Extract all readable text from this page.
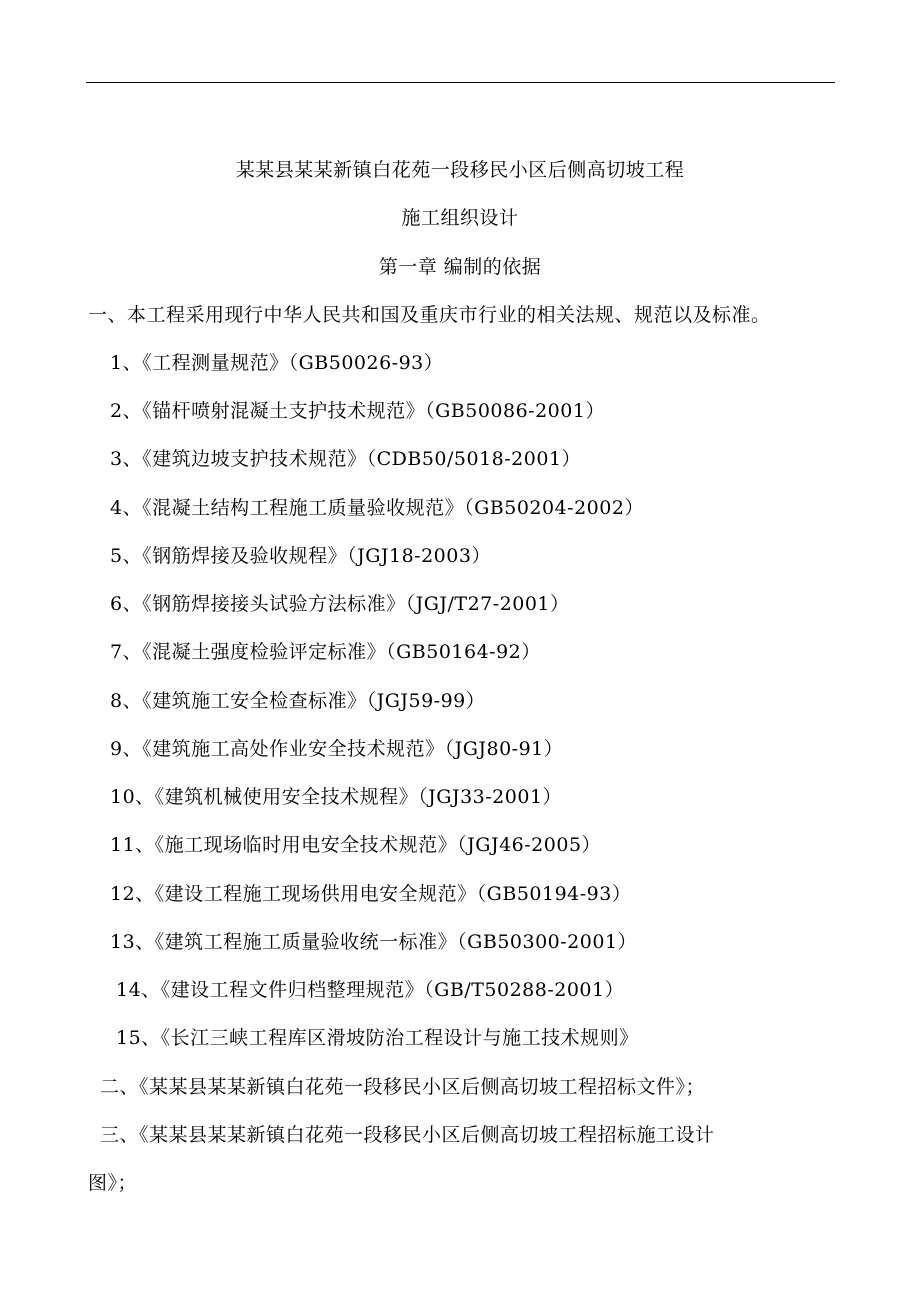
某某县某某新镇白花苑一段移民小区后侧高切坡工程
施工组织设计
第一章 编制的依据
一、本工程采用现行中华人民共和国及重庆市行业的相关法规、规范以及标准。
1、《工程测量规范》（GB50026-93）
2、《锚杆喷射混凝土支护技术规范》（GB50086-2001）
3、《建筑边坡支护技术规范》（CDB50/5018-2001）
4、《混凝土结构工程施工质量验收规范》（GB50204-2002）
5、《钢筋焊接及验收规程》（JGJ18-2003）
6、《钢筋焊接接头试验方法标准》（JGJ/T27-2001）
7、《混凝土强度检验评定标准》（GB50164-92）
8、《建筑施工安全检查标准》（JGJ59-99）
9、《建筑施工高处作业安全技术规范》（JGJ80-91）
10、《建筑机械使用安全技术规程》（JGJ33-2001）
11、《施工现场临时用电安全技术规范》（JGJ46-2005）
12、《建设工程施工现场供用电安全规范》（GB50194-93）
13、《建筑工程施工质量验收统一标准》（GB50300-2001）
14、《建设工程文件归档整理规范》（GB/T50288-2001）
15、《长江三峡工程库区滑坡防治工程设计与施工技术规则》
二、《某某县某某新镇白花苑一段移民小区后侧高切坡工程招标文件》；
三、《某某县某某新镇白花苑一段移民小区后侧高切坡工程招标施工设计
图》；
